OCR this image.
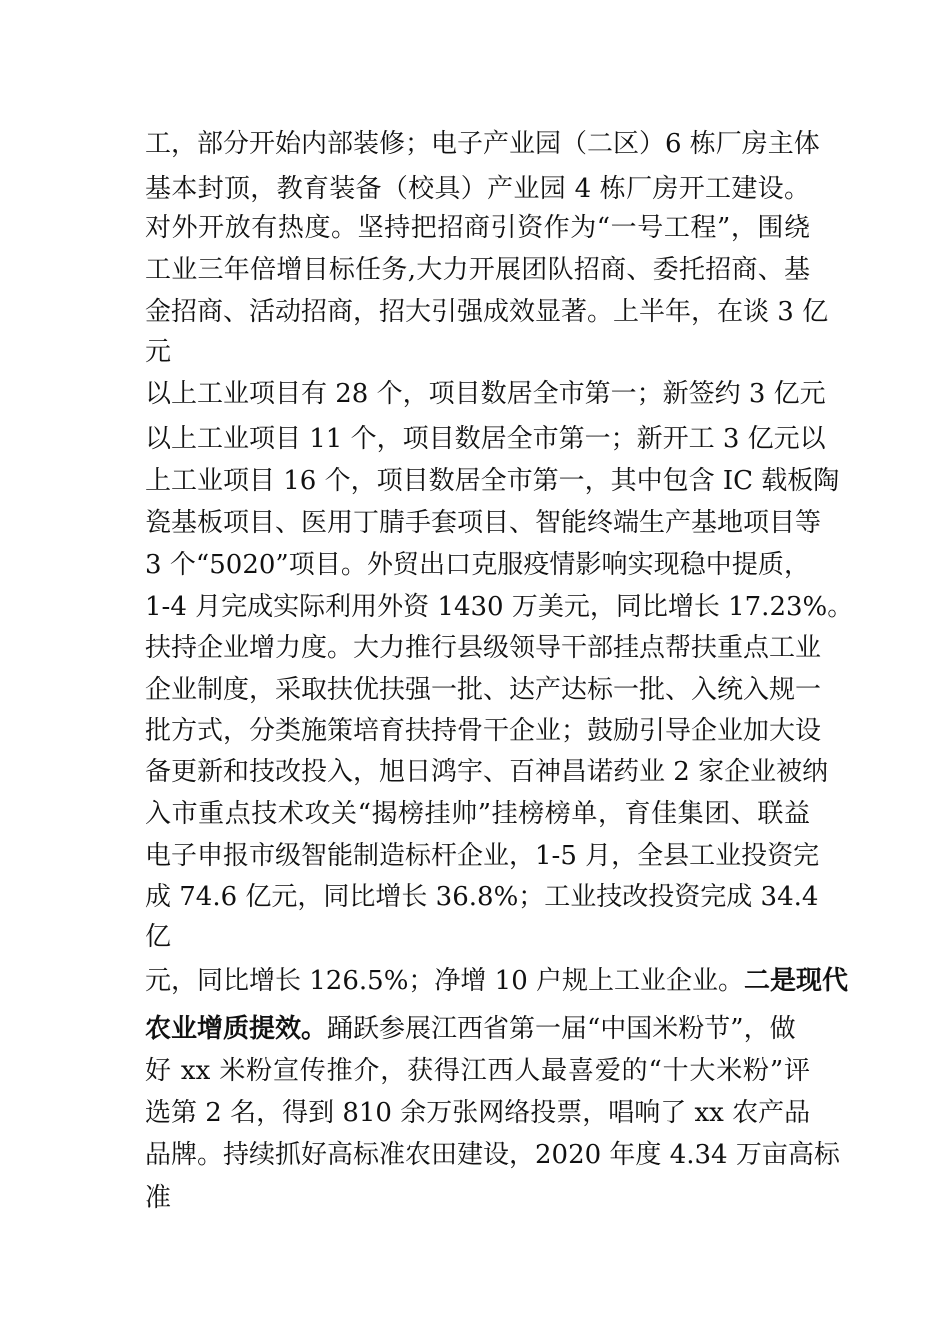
工，部分开始内部装修；电子产业园（二区）6 栋厂房主体
基本封顶，教育装备（校具）产业园 4 栋厂房开工建设。
对外开放有热度。坚持把招商引资作为“一号工程”，围绕
工业三年倍增目标任务,大力开展团队招商、委托招商、基
金招商、活动招商，招大引强成效显著。上半年，在谈 3 亿
元
以上工业项目有 28 个，项目数居全市第一；新签约 3 亿元
以上工业项目 11 个，项目数居全市第一；新开工 3 亿元以
上工业项目 16 个，项目数居全市第一，其中包含 IC 载板陶
瓷基板项目、医用丁腈手套项目、智能终端生产基地项目等
3 个“5020”项目。外贸出口克服疫情影响实现稳中提质，
1-4 月完成实际利用外资 1430 万美元，同比增长 17.23%。
扶持企业增力度。大力推行县级领导干部挂点帮扶重点工业
企业制度，采取扶优扶强一批、达产达标一批、入统入规一
批方式，分类施策培育扶持骨干企业；鼓励引导企业加大设
备更新和技改投入，旭日鸿宇、百神昌诺药业 2 家企业被纳
入市重点技术攻关“揭榜挂帅”挂榜榜单，育佳集团、联益
电子申报市级智能制造标杆企业，1-5 月，全县工业投资完
成 74.6 亿元，同比增长 36.8%；工业技改投资完成 34.4
亿
元，同比增长 126.5%；净增 10 户规上工业企业。二是现代
农业增质提效。踊跃参展江西省第一届“中国米粉节”，做
好 xx 米粉宣传推介，获得江西人最喜爱的“十大米粉”评
选第 2 名，得到 810 余万张网络投票，唱响了 xx 农产品
品牌。持续抓好高标准农田建设，2020 年度 4.34 万亩高标
准
